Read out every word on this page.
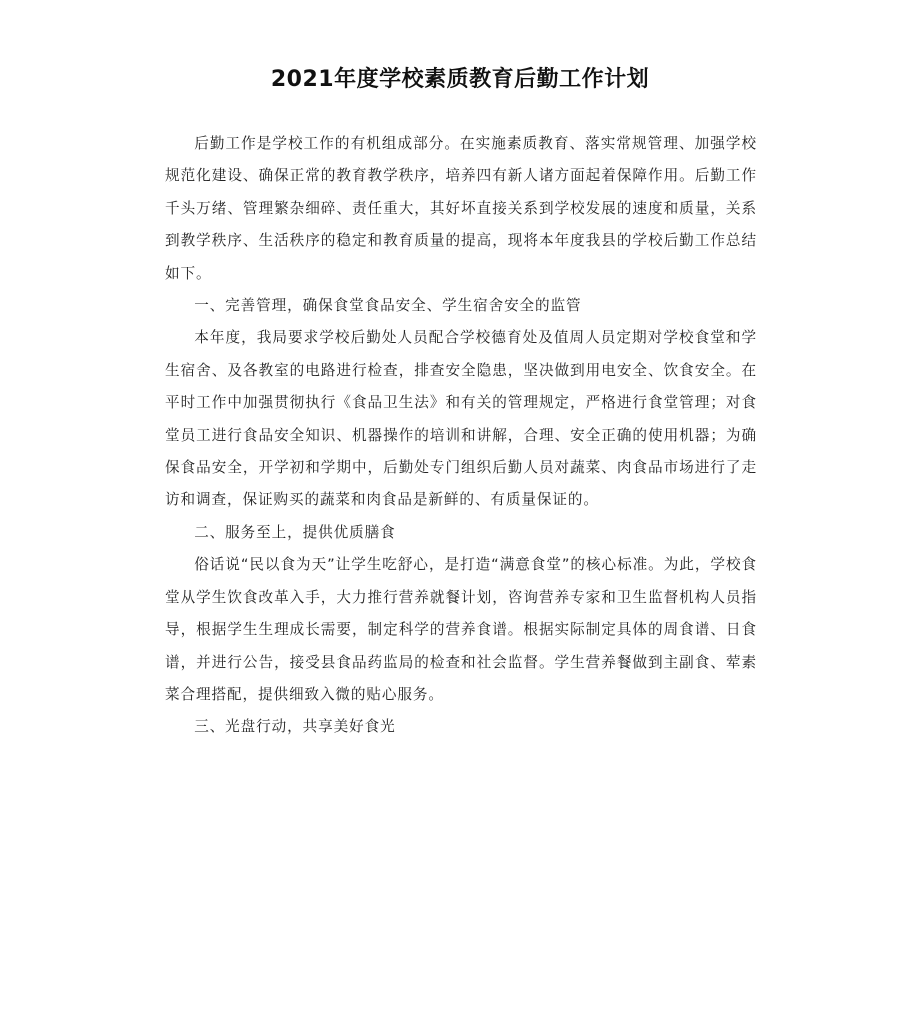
2021年度学校素质教育后勤工作计划

后勤工作是学校工作的有机组成部分。在实施素质教育、落实常规管理、加强学校规范化建设、确保正常的教育教学秩序，培养四有新人诸方面起着保障作用。后勤工作千头万绪、管理繁杂细碎、责任重大，其好坏直接关系到学校发展的速度和质量，关系到教学秩序、生活秩序的稳定和教育质量的提高，现将本年度我县的学校后勤工作总结如下。

一、完善管理，确保食堂食品安全、学生宿舍安全的监管

本年度，我局要求学校后勤处人员配合学校德育处及值周人员定期对学校食堂和学生宿舍、及各教室的电路进行检查，排查安全隐患，坚决做到用电安全、饮食安全。在平时工作中加强贯彻执行《食品卫生法》和有关的管理规定，严格进行食堂管理；对食堂员工进行食品安全知识、机器操作的培训和讲解，合理、安全正确的使用机器；为确保食品安全，开学初和学期中，后勤处专门组织后勤人员对蔬菜、肉食品市场进行了走访和调查，保证购买的蔬菜和肉食品是新鲜的、有质量保证的。

二、服务至上，提供优质膳食

俗话说“民以食为天”让学生吃舒心，是打造“满意食堂”的核心标准。为此，学校食堂从学生饮食改革入手，大力推行营养就餐计划，咨询营养专家和卫生监督机构人员指导，根据学生生理成长需要，制定科学的营养食谱。根据实际制定具体的周食谱、日食谱，并进行公告，接受县食品药监局的检查和社会监督。学生营养餐做到主副食、荤素菜合理搭配，提供细致入微的贴心服务。

三、光盘行动，共享美好食光
